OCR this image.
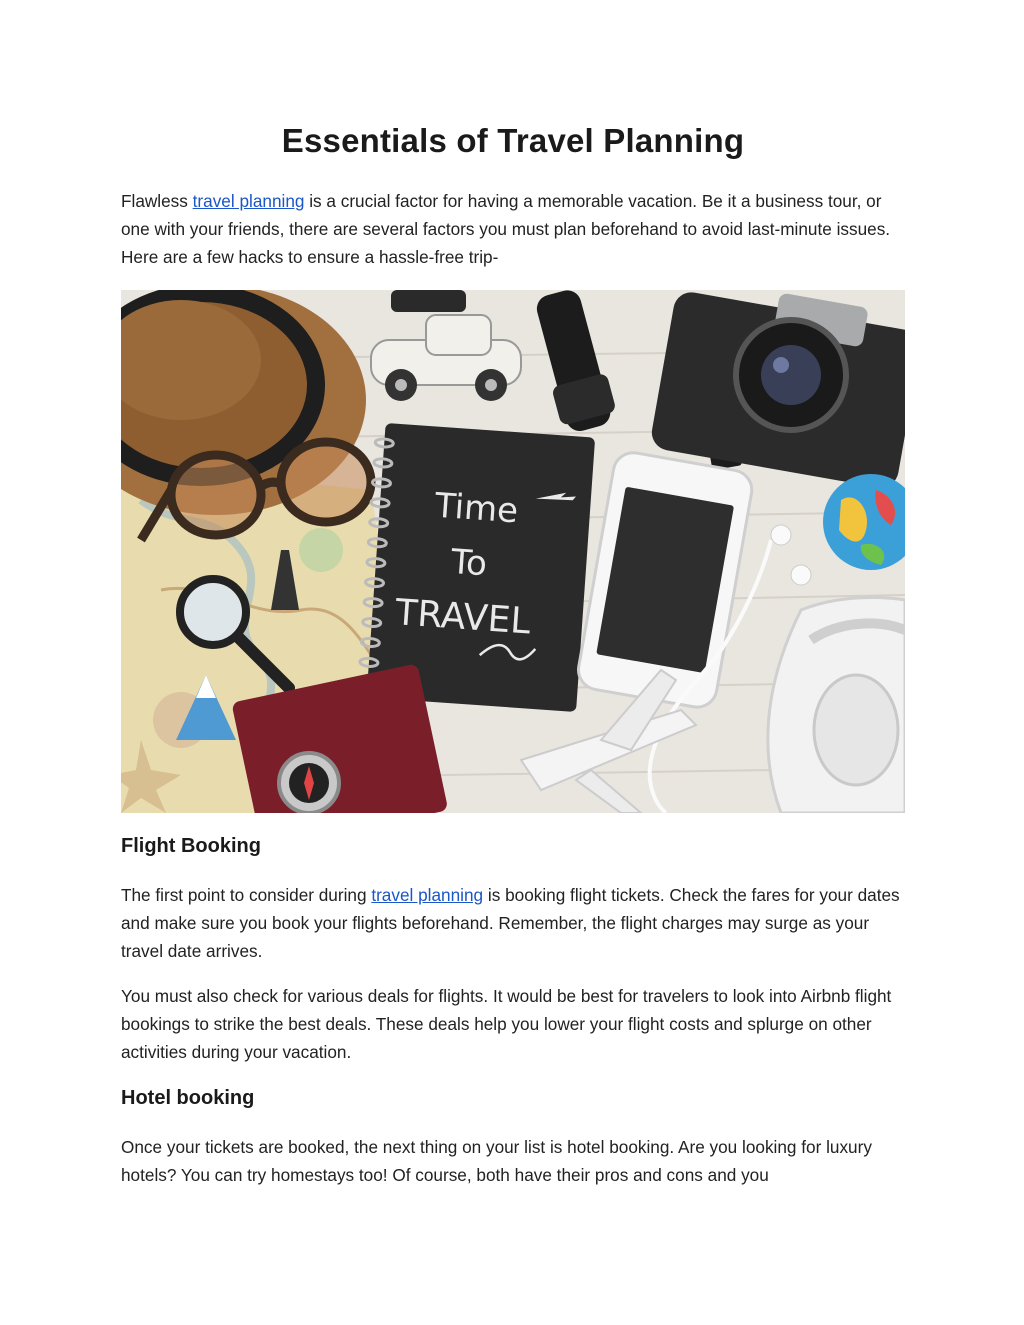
Essentials of Travel Planning

Flawless travel planning is a crucial factor for having a memorable vacation. Be it a business tour, or one with your friends, there are several factors you must plan beforehand to avoid last-minute issues. Here are a few hacks to ensure a hassle-free trip-

Time
To
TRAVEL
Flight Booking

The first point to consider during travel planning is booking flight tickets. Check the fares for your dates and make sure you book your flights beforehand. Remember, the flight charges may surge as your travel date arrives.

You must also check for various deals for flights. It would be best for travelers to look into Airbnb flight bookings to strike the best deals. These deals help you lower your flight costs and splurge on other activities during your vacation.

Hotel booking

Once your tickets are booked, the next thing on your list is hotel booking. Are you looking for luxury hotels? You can try homestays too! Of course, both have their pros and cons and you
